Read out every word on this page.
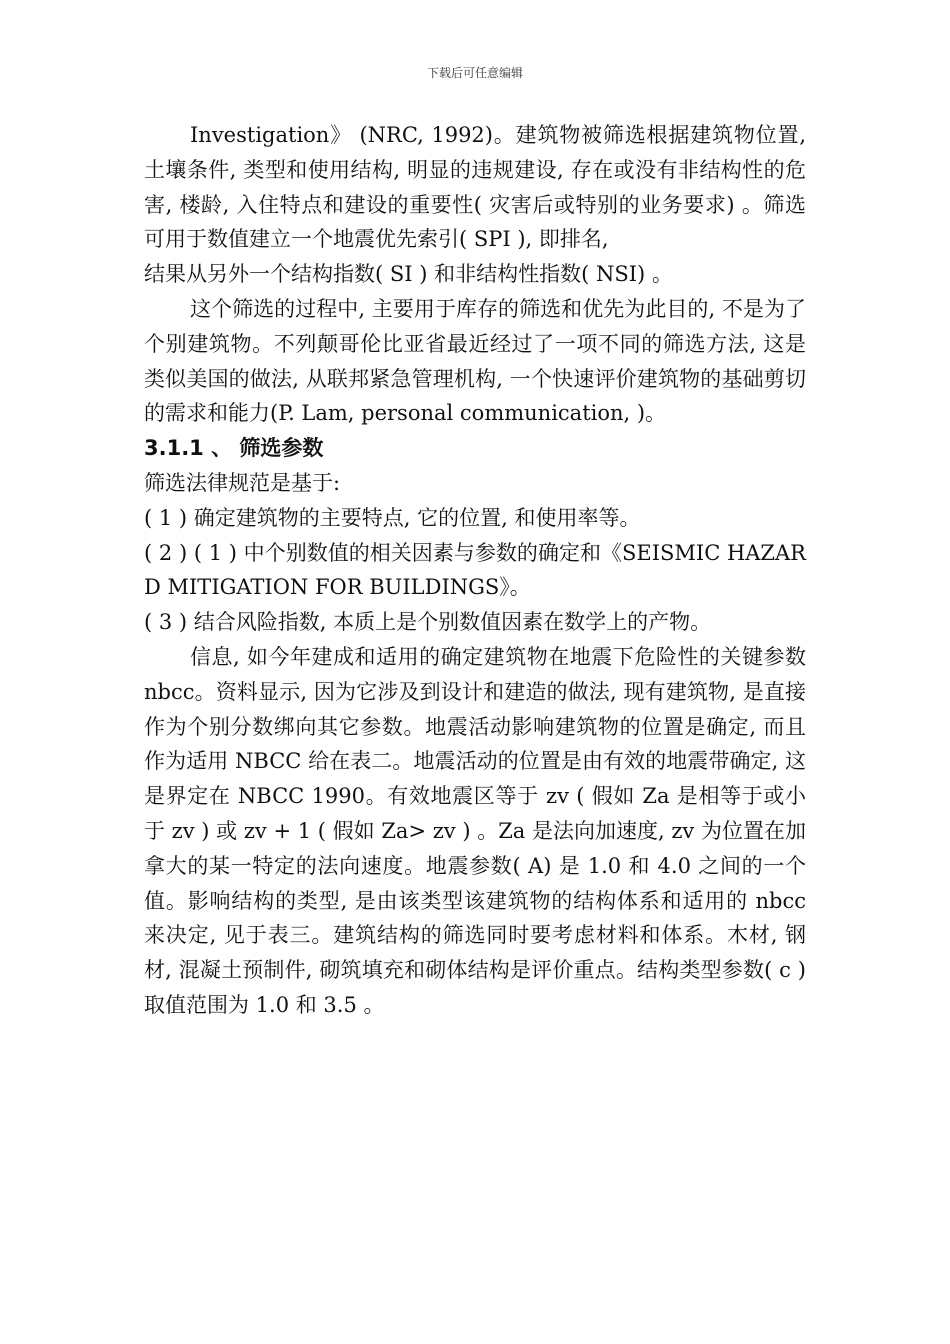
下载后可任意编辑

Investigation》 (NRC, 1992)。建筑物被筛选根据建筑物位置, 土壤条件, 类型和使用结构, 明显的违规建设, 存在或没有非结构性的危害, 楼龄, 入住特点和建设的重要性( 灾害后或特别的业务要求) 。筛选可用于数值建立一个地震优先索引( SPI ), 即排名,

结果从另外一个结构指数( SI ) 和非结构性指数( NSI) 。

这个筛选的过程中, 主要用于库存的筛选和优先为此目的, 不是为了个别建筑物。不列颠哥伦比亚省最近经过了一项不同的筛选方法, 这是类似美国的做法, 从联邦紧急管理机构, 一个快速评价建筑物的基础剪切的需求和能力(P. Lam, personal communication, )。

3.1.1 、 筛选参数

筛选法律规范是基于:

( 1 ) 确定建筑物的主要特点, 它的位置, 和使用率等。

( 2 ) ( 1 ) 中个别数值的相关因素与参数的确定和《SEISMIC HAZARD MITIGATION FOR BUILDINGS》。

( 3 ) 结合风险指数, 本质上是个别数值因素在数学上的产物。

信息, 如今年建成和适用的确定建筑物在地震下危险性的关键参数 nbcc。资料显示, 因为它涉及到设计和建造的做法, 现有建筑物, 是直接作为个别分数绑向其它参数。地震活动影响建筑物的位置是确定, 而且作为适用 NBCC 给在表二。地震活动的位置是由有效的地震带确定, 这是界定在 NBCC 1990。有效地震区等于 zv ( 假如 Za 是相等于或小于 zv ) 或 zv + 1 ( 假如 Za> zv ) 。Za 是法向加速度, zv 为位置在加拿大的某一特定的法向速度。地震参数( A) 是 1.0 和 4.0 之间的一个值。影响结构的类型, 是由该类型该建筑物的结构体系和适用的 nbcc 来决定, 见于表三。建筑结构的筛选同时要考虑材料和体系。木材, 钢材, 混凝土预制件, 砌筑填充和砌体结构是评价重点。结构类型参数( c ) 取值范围为 1.0 和 3.5 。
